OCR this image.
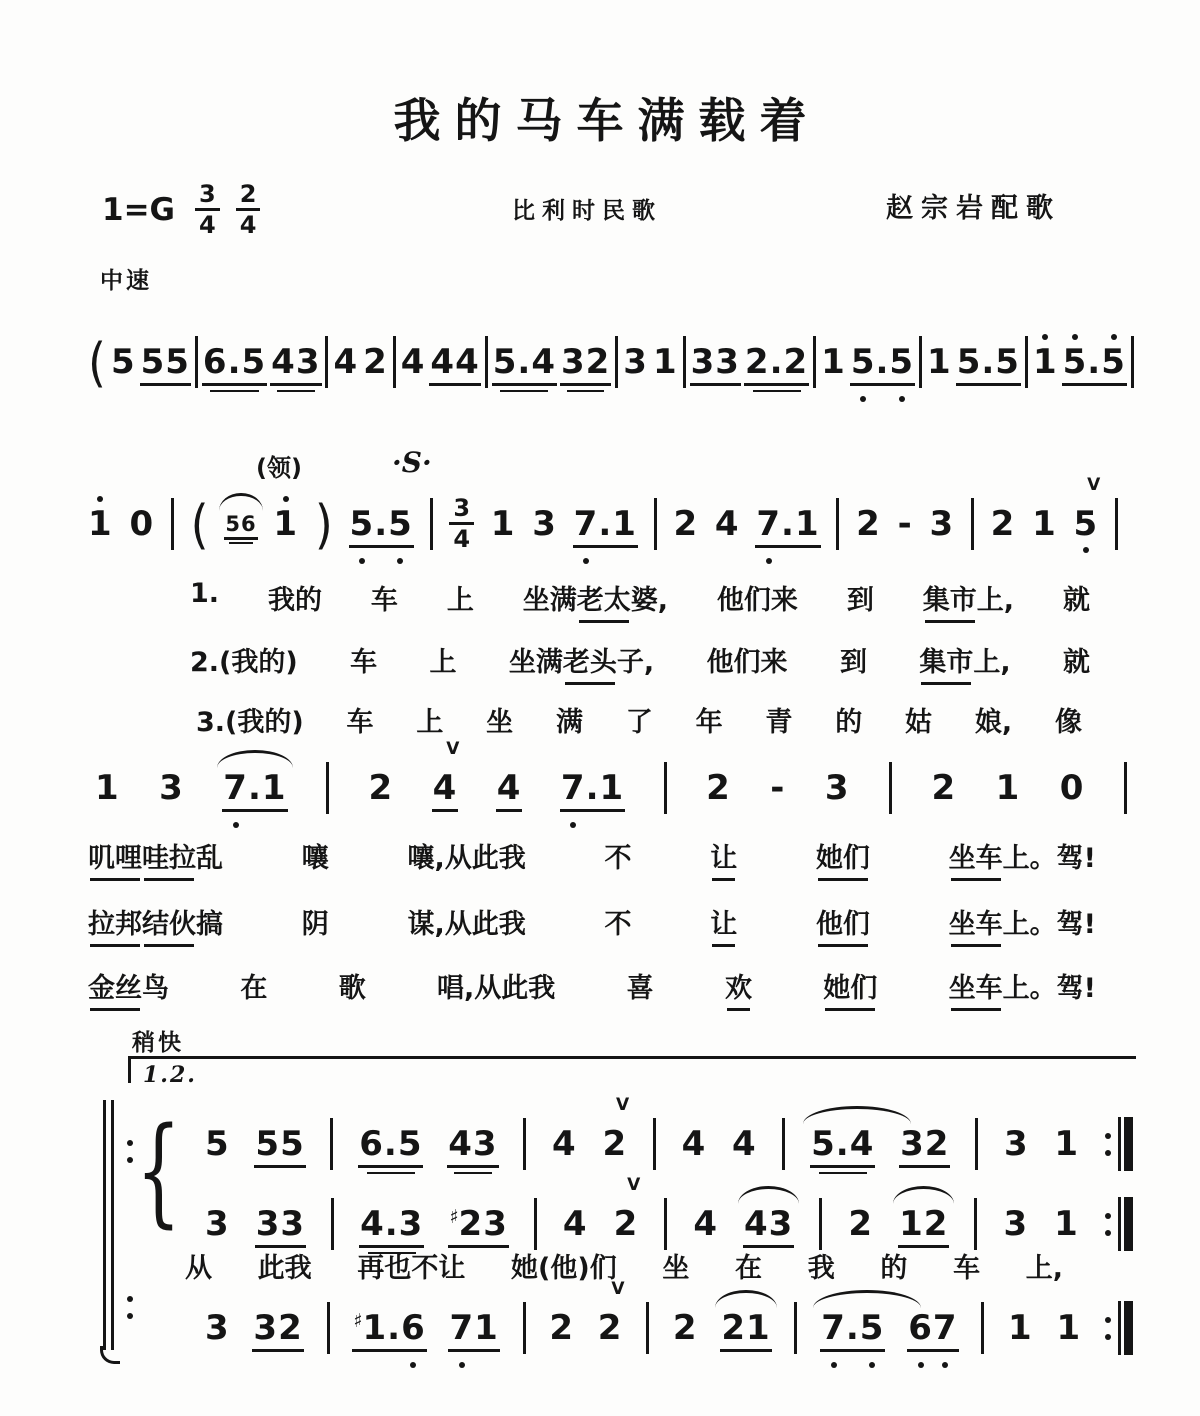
我的马车满载着
$1=G \frac{3}{4} \frac{2}{4}$	比利时民歌	赵宗岩配歌
中速
( 5 55 6.5 43 4 2 4 44 5.4 32 3 1 33 2.2 1 5
.5 1 5.5 1 5
.5
1 0 ( 56 1 ) 5
$.5 \frac{3}{4} 1$ 3 7
.1 2 4 7
.1 2 - 3 2 1 5
V
(领)	·S·
1. 我的 车 上 坐满 老太 婆, 他们来 到 集市 上, 就
2.(我的) 车 上 坐满 老头 子, 他们来 到 集市 上, 就
3.(我的) 车 上 坐 满 了 年 青 的 姑 娘, 像
1 3 7
.1 2 4
V
4 7
.1 2 - 3 2 1 0
叽哩 哇拉 乱	嚷	嚷,从此我	不	让	她们	坐车 上。驾!
拉邦 结伙 搞	阴	谋,从此我	不	让	他们	坐车 上。驾!
金丝 鸟	在	歌	唱,从此我	喜	欢	她们	坐车 上。驾!
稍快
1.2.
{ 5 55 6.5 43 4 2
V
4 4 5.4 32 3 1
3 33 4.3 ♯23 4 2
V
4 43 2 12 3 1
从 此我 再也不让 她(他)们 坐 在 我 的 车 上,
3 32	♯1.6 7
1 2 2
V
2 21 7
.5 6
7 1 1
